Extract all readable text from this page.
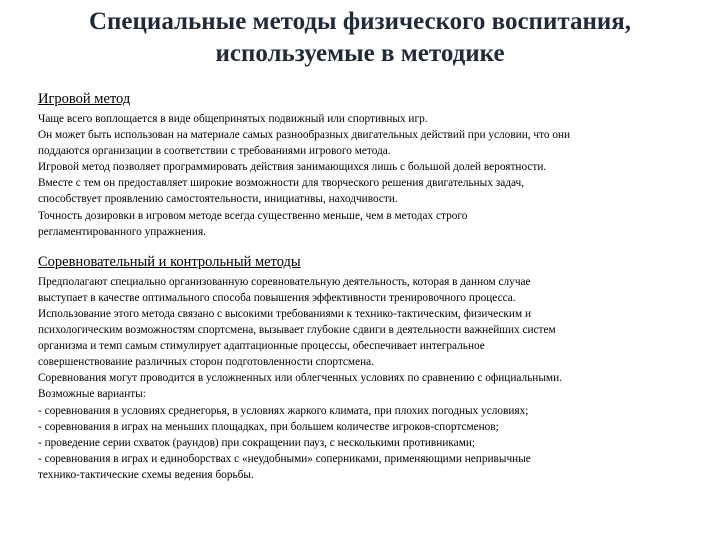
Специальные методы физического воспитания,
используемые в методике
Игровой метод
Чаще всего воплощается в виде общепринятых подвижный или спортивных игр.
Он может быть использован на материале самых разнообразных двигательных действий при условии, что они
поддаются организации в соответствии с требованиями игрового метода.
Игровой метод позволяет программировать действия занимающихся лишь с большой долей вероятности.
Вместе с тем он предоставляет широкие возможности для творческого решения двигательных задач,
способствует проявлению самостоятельности, инициативы, находчивости.
Точность дозировки в игровом методе всегда существенно меньше, чем в методах строго
регламентированного упражнения.
Соревновательный и контрольный методы
Предполагают специально организованную соревновательную деятельность, которая в данном случае
выступает в качестве оптимального способа повышения эффективности тренировочного процесса.
Использование этого метода связано с высокими требованиями к технико-тактическим, физическим и
психологическим возможностям спортсмена, вызывает глубокие сдвиги в деятельности важнейших систем
организма и темп самым стимулирует адаптационные процессы, обеспечивает интегральное
совершенствование различных сторон подготовленности спортсмена.
Соревнования могут проводится в усложненных или облегченных условиях по сравнению с официальными.
Возможные варианты:
- соревнования в условиях среднегорья, в условиях жаркого климата, при плохих погодных условиях;
- соревнования в играх на меньших площадках, при большем количестве игроков-спортсменов;
- проведение серии схваток (раундов) при сокращении пауз, с несколькими противниками;
- соревнования в играх и единоборствах с «неудобными» соперниками, применяющими непривычные
технико-тактические схемы ведения борьбы.
